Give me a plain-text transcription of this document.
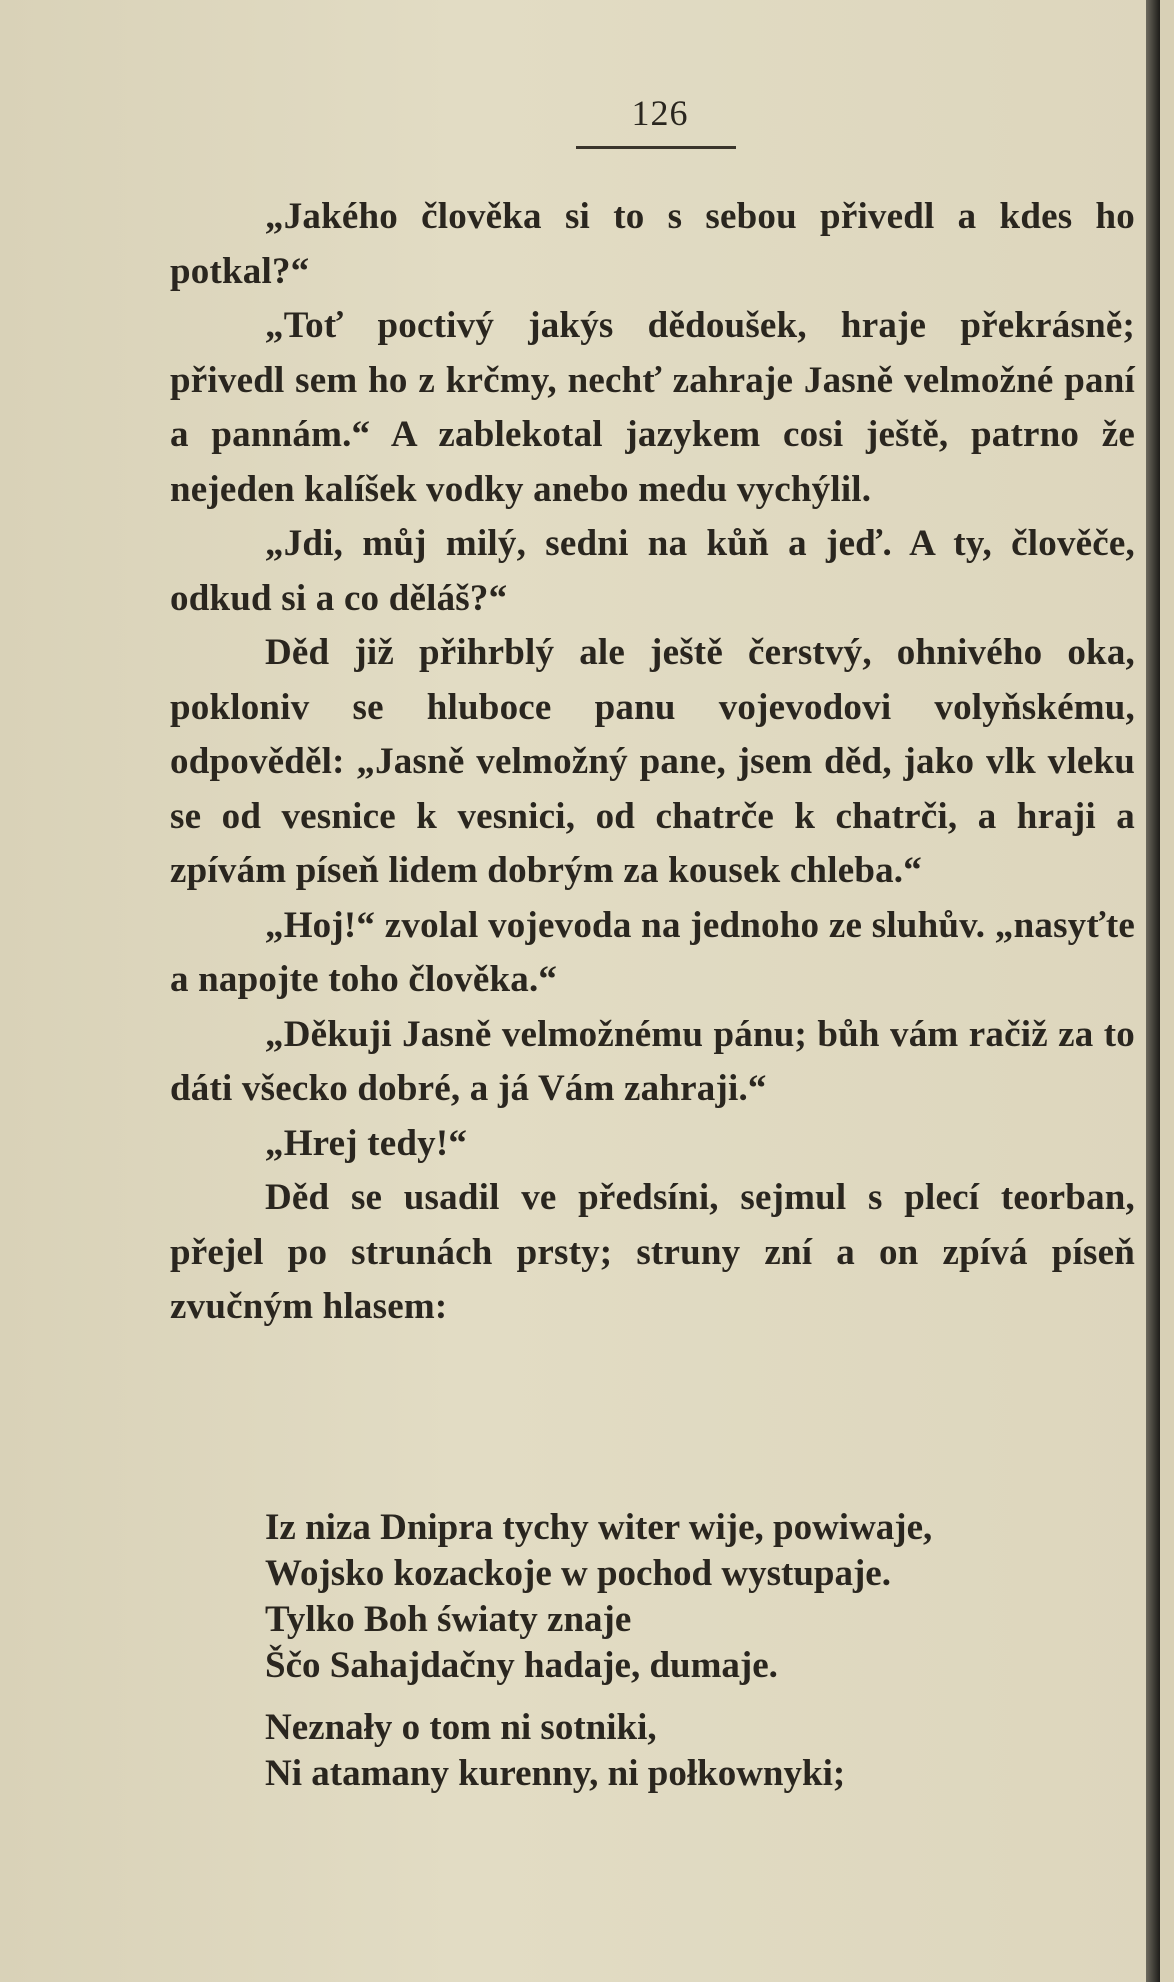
126

„Jakého člověka si to s sebou přivedl a kdes ho potkal?“

„Toť poctivý jakýs dědoušek, hraje překrásně; přivedl sem ho z krčmy, nechť zahraje Jasně velmožné paní a pannám.“ A zablekotal jazykem cosi ještě, patrno že nejeden kalíšek vodky anebo medu vychýlil.

„Jdi, můj milý, sedni na kůň a jeď. A ty, člověče, odkud si a co děláš?“

Děd již přihrblý ale ještě čerstvý, ohnivého oka, pokloniv se hluboce panu vojevodovi volyňskému, odpověděl: „Jasně velmožný pane, jsem děd, jako vlk vleku se od vesnice k vesnici, od chatrče k chatrči, a hraji a zpívám píseň lidem dobrým za kousek chleba.“

„Hoj!“ zvolal vojevoda na jednoho ze sluhův. „nasyťte a napojte toho člověka.“

„Děkuji Jasně velmožnému pánu; bůh vám račiž za to dáti všecko dobré, a já Vám zahraji.“

„Hrej tedy!“

Děd se usadil ve předsíni, sejmul s plecí teorban, přejel po strunách prsty; struny zní a on zpívá píseň zvučným hlasem:

Iz niza Dnipra tychy witer wije, powiwaje,

Wojsko kozackoje w pochod wystupaje.

Tylko Boh światy znaje

Ščo Sahajdačny hadaje, dumaje.

Neznały o tom ni sotniki,

Ni atamany kurenny, ni połkownyki;
